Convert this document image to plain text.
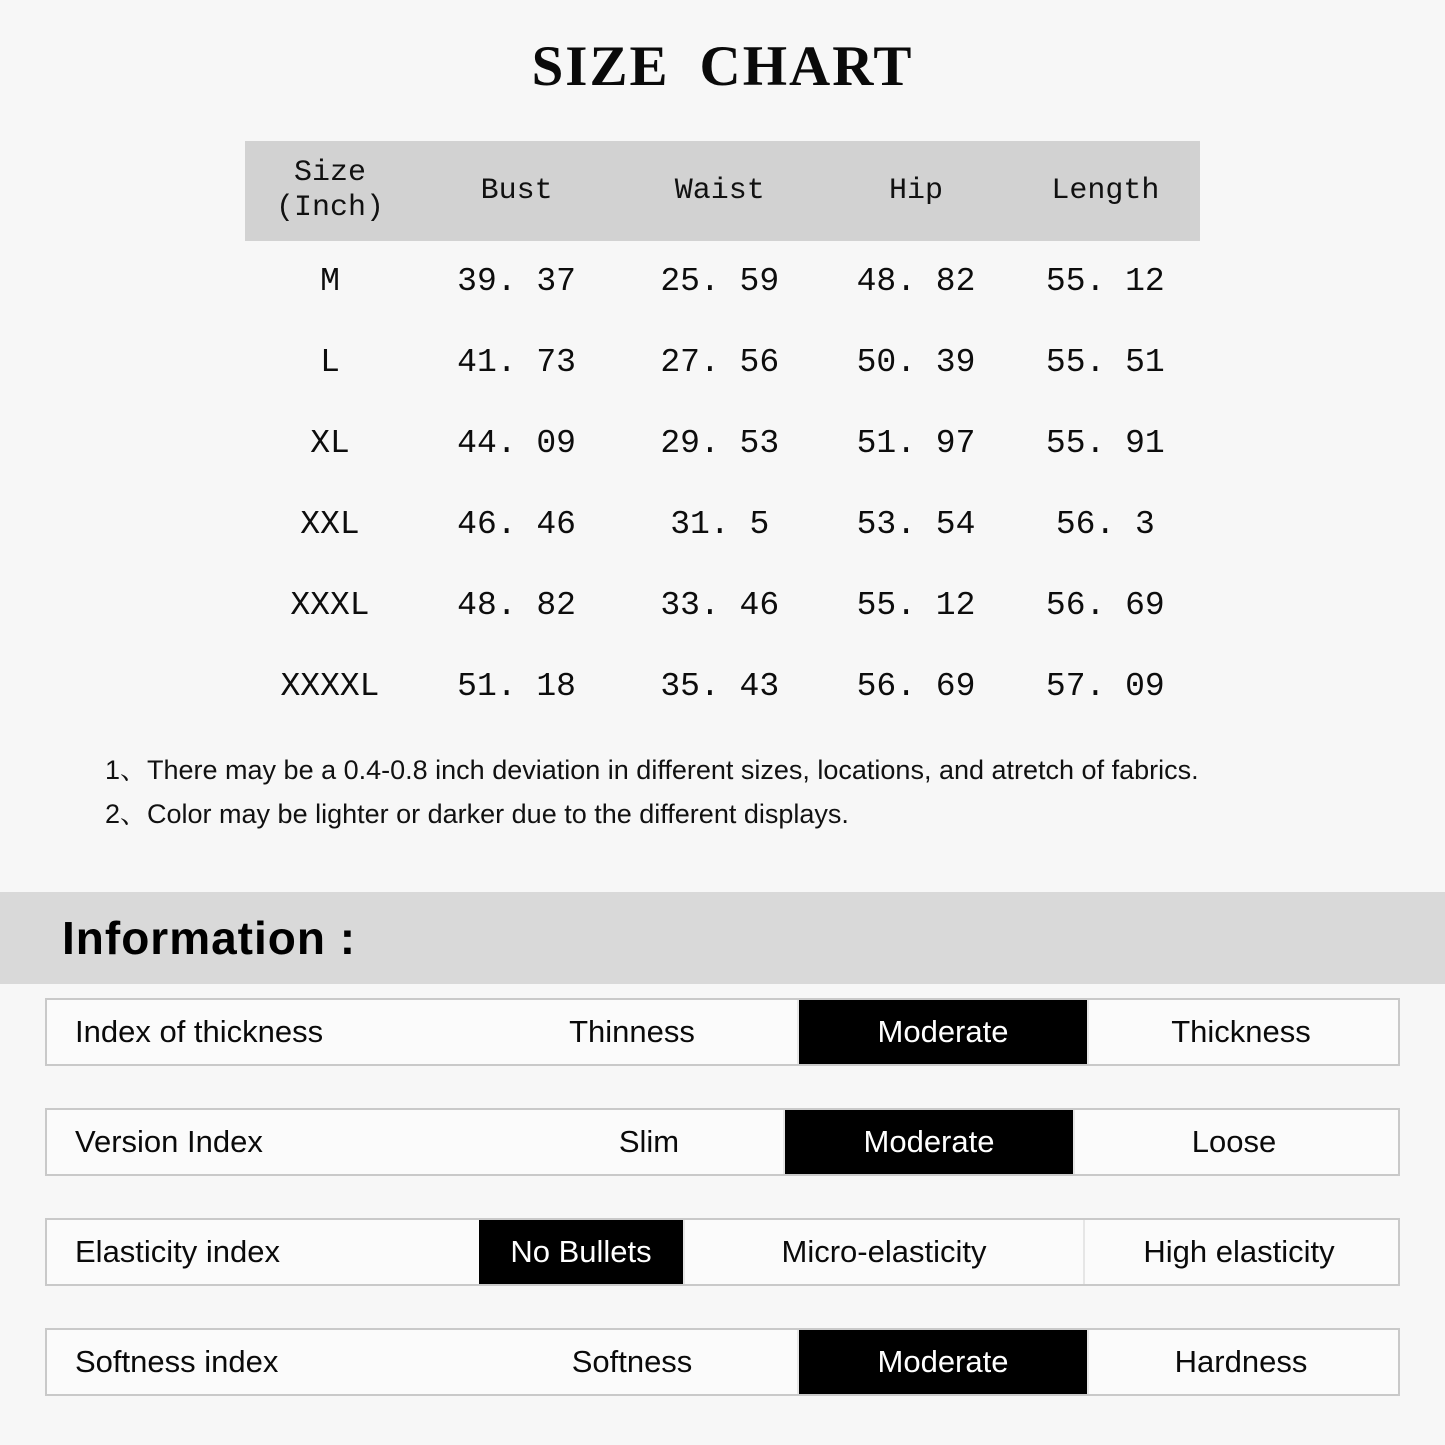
SIZE CHART
Size
(Inch)	Bust	Waist	Hip	Length
M	39. 37	25. 59	48. 82	55. 12
L	41. 73	27. 56	50. 39	55. 51
XL	44. 09	29. 53	51. 97	55. 91
XXL	46. 46	31. 5	53. 54	56. 3
XXXL	48. 82	33. 46	55. 12	56. 69
XXXXL	51. 18	35. 43	56. 69	57. 09
1、There may be a 0.4-0.8 inch deviation in different sizes, locations, and atretch of fabrics.
2、Color may be lighter or darker due to the different displays.
Information :
Index of thickness	Thinness	Moderate	Thickness
Version Index	Slim	Moderate	Loose
Elasticity index	No Bullets	Micro-elasticity	High elasticity
Softness index	Softness	Moderate	Hardness
